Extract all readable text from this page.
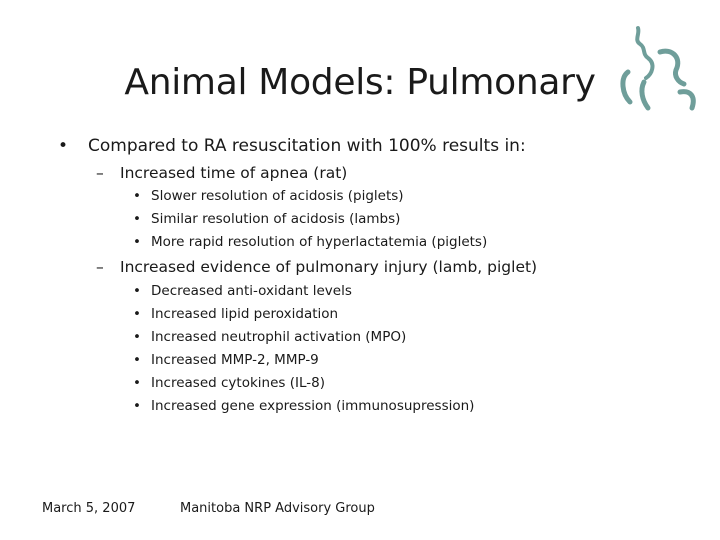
Animal Models: Pulmonary
• Compared to RA resuscitation with 100% results in:
– Increased time of apnea (rat)
• Slower resolution of acidosis (piglets)
• Similar resolution of acidosis (lambs)
• More rapid resolution of hyperlactatemia (piglets)
– Increased evidence of pulmonary injury (lamb, piglet)
• Decreased anti-oxidant levels
• Increased lipid peroxidation
• Increased neutrophil activation (MPO)
• Increased MMP-2, MMP-9
• Increased cytokines (IL-8)
• Increased gene expression (immunosupression)
March 5, 2007	Manitoba NRP Advisory Group
